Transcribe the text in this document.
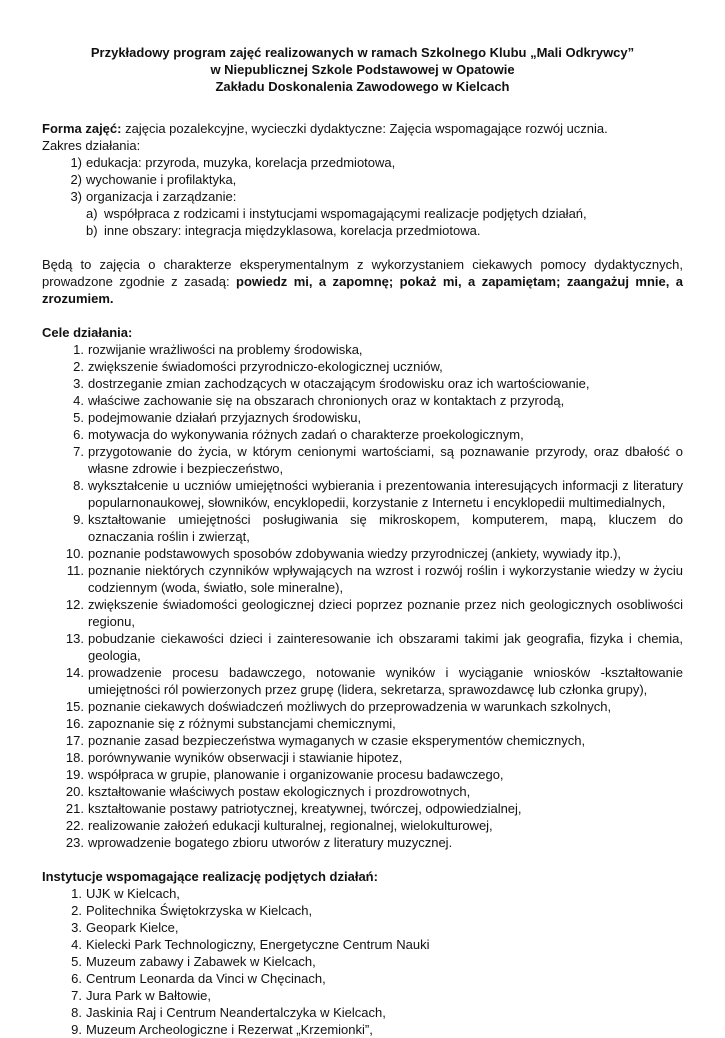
Przykładowy program zajęć realizowanych w ramach Szkolnego Klubu „Mali Odkrywcy”
w Niepublicznej Szkole Podstawowej w Opatowie
Zakładu Doskonalenia Zawodowego w Kielcach

Forma zajęć: zajęcia pozalekcyjne, wycieczki dydaktyczne: Zajęcia wspomagające rozwój ucznia.

Zakres działania:

1) edukacja: przyroda, muzyka, korelacja przedmiotowa,
2) wychowanie i profilaktyka,
3) organizacja i zarządzanie:
a) współpraca z rodzicami i instytucjami wspomagającymi realizacje podjętych działań,
b) inne obszary: integracja międzyklasowa, korelacja przedmiotowa.

Będą to zajęcia o charakterze eksperymentalnym z wykorzystaniem ciekawych pomocy dydaktycznych, prowadzone zgodnie z zasadą: powiedz mi, a zapomnę; pokaż mi, a zapamiętam; zaangażuj mnie, a zrozumiem.

Cele działania:

1. rozwijanie wrażliwości na problemy środowiska,
2. zwiększenie świadomości przyrodniczo-ekologicznej uczniów,
3. dostrzeganie zmian zachodzących w otaczającym środowisku oraz ich wartościowanie,
4. właściwe zachowanie się na obszarach chronionych oraz w kontaktach z przyrodą,
5. podejmowanie działań przyjaznych środowisku,
6. motywacja do wykonywania różnych zadań o charakterze proekologicznym,
7. przygotowanie do życia, w którym cenionymi wartościami, są poznawanie przyrody, oraz dbałość o własne zdrowie i bezpieczeństwo,
8. wykształcenie u uczniów umiejętności wybierania i prezentowania interesujących informacji z literatury popularnonaukowej, słowników, encyklopedii, korzystanie z Internetu i encyklopedii multimedialnych,
9. kształtowanie umiejętności posługiwania się mikroskopem, komputerem, mapą, kluczem do oznaczania roślin i zwierząt,
10. poznanie podstawowych sposobów zdobywania wiedzy przyrodniczej (ankiety, wywiady itp.),
11. poznanie niektórych czynników wpływających na wzrost i rozwój roślin i wykorzystanie wiedzy w życiu codziennym (woda, światło, sole mineralne),
12. zwiększenie świadomości geologicznej dzieci poprzez poznanie przez nich geologicznych osobliwości regionu,
13. pobudzanie ciekawości dzieci i zainteresowanie ich obszarami takimi jak geografia, fizyka i chemia, geologia,
14. prowadzenie procesu badawczego, notowanie wyników i wyciąganie wniosków -kształtowanie umiejętności ról powierzonych przez grupę (lidera, sekretarza, sprawozdawcę lub członka grupy),
15. poznanie ciekawych doświadczeń możliwych do przeprowadzenia w warunkach szkolnych,
16. zapoznanie się z różnymi substancjami chemicznymi,
17. poznanie zasad bezpieczeństwa wymaganych w czasie eksperymentów chemicznych,
18. porównywanie wyników obserwacji i stawianie hipotez,
19. współpraca w grupie, planowanie i organizowanie procesu badawczego,
20. kształtowanie właściwych postaw ekologicznych i prozdrowotnych,
21. kształtowanie postawy patriotycznej, kreatywnej, twórczej, odpowiedzialnej,
22. realizowanie założeń edukacji kulturalnej, regionalnej, wielokulturowej,
23. wprowadzenie bogatego zbioru utworów z literatury muzycznej.

Instytucje wspomagające realizację podjętych działań:

1. UJK w Kielcach,
2. Politechnika Świętokrzyska w Kielcach,
3. Geopark Kielce,
4. Kielecki Park Technologiczny, Energetyczne Centrum Nauki
5. Muzeum zabawy i Zabawek w Kielcach,
6. Centrum Leonarda da Vinci w Chęcinach,
7. Jura Park w Bałtowie,
8. Jaskinia Raj i Centrum Neandertalczyka w Kielcach,
9. Muzeum Archeologiczne i Rezerwat „Krzemionki”,
